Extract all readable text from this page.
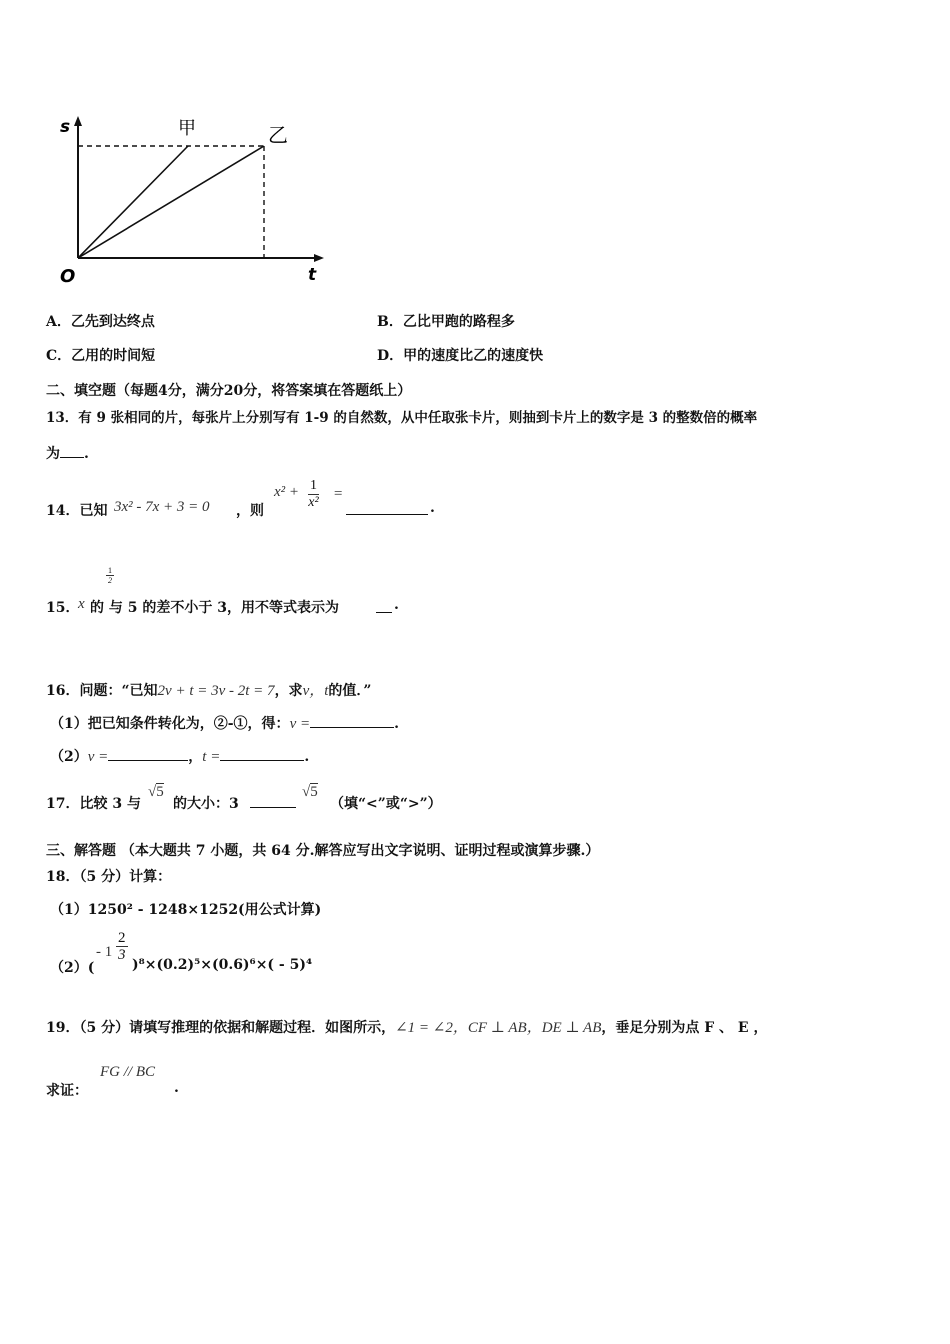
s
t
O
甲	乙
A．乙先到达终点	B．乙比甲跑的路程多
C．乙用的时间短	D．甲的速度比乙的速度快
二、填空题（每题4分，满分20分，将答案填在答题纸上）
13．有 9 张相同的片，每张片上分别写有 1-9 的自然数，从中任取张卡片，则抽到卡片上的数字是 3 的整数倍的概率
为 .
14．已知 3x² - 7x + 3 = 0 ，则
$x^2 + \frac{1}{\text{x²}}$ =
.
15．
x 的 与 5 的差不小于 3，用不等式表示为
$\frac{1}{2}$
.
16．问题：“已知2v + t = 3v - 2t = 7，求v，t的值．”
（1）把已知条件转化为，②-①，得：v =	.
（2）v =	，t =	.
17．比较 3 与
√5
的大小：3
√5
（填“<”或“>”）
三、解答题 （本大题共 7 小题，共 64 分.解答应写出文字说明、证明过程或演算步骤.）
18．（5 分）计算：
（1）1250² - 1248×1252(用公式计算)
（2）(
- $1 \frac{2}{3}$
)⁸×(0.2)⁵×(0.6)⁶×( - 5)⁴
19．（5 分）请填写推理的依据和解题过程．如图所示，∠1 = ∠2，CF ⊥ AB，DE ⊥ AB，垂足分别为点 F 、 E ，
求证：
FG // BC
.
